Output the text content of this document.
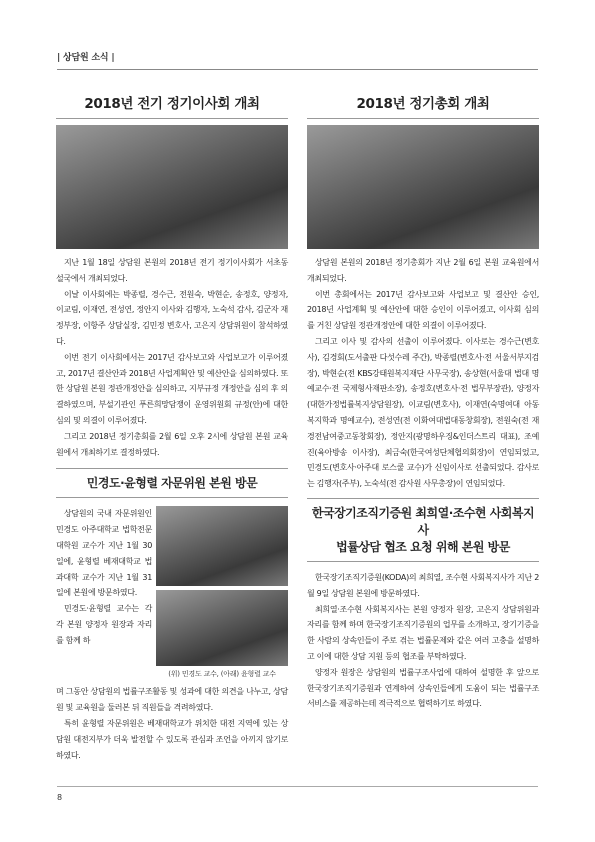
| 상담원 소식 |
2018년 전기 정기이사회 개최

지난 1월 18일 상담원 본원의 2018년 전기 정기이사회가 서초동 설국에서 개최되었다.

이날 이사회에는 박종렬, 경수근, 전원숙, 박현순, 송정호, 양정자, 이교림, 이재연, 전성연, 정안지 이사와 김행자, 노숙석 감사, 김군자 재정부장, 이항주 상담실장, 김민정 변호사, 고은지 상담위원이 참석하였다.

이번 전기 이사회에서는 2017년 감사보고와 사업보고가 이루어졌고, 2017년 결산안과 2018년 사업계획안 및 예산안을 심의하였다. 또한 상담원 본원 정관개정안을 심의하고, 지부규정 개정안을 심의 후 의결하였으며, 부설기관인 푸른희망담쟁이 운영위원회 규정(안)에 대한 심의 및 의결이 이루어졌다.

그리고 2018년 정기총회를 2월 6일 오후 2시에 상담원 본원 교육원에서 개최하기로 결정하였다.

민경도·윤형렬 자문위원 본원 방문

상담원의 국내 자문위원인 민경도 아주대학교 법학전문대학원 교수가 지난 1월 30일에, 윤형렬 베재대학교 법과대학 교수가 지난 1월 31일에 본원에 방문하였다.

민경도·윤형렬 교수는 각각 본원 양정자 원장과 자리를 함께 하

(위) 민경도 교수, (아래) 윤형렬 교수

며 그동안 상담원의 법률구조활동 및 성과에 대한 의견을 나누고, 상담원 및 교육원을 둘러본 뒤 직원들을 격려하였다.

특히 윤형렬 자문위원은 베재대학교가 위치한 대전 지역에 있는 상담원 대전지부가 더욱 발전할 수 있도록 관심과 조언을 아끼지 않기로 하였다.

2018년 정기총회 개최

상담원 본원의 2018년 정기총회가 지난 2월 6일 본원 교육원에서 개최되었다.

이번 총회에서는 2017년 감사보고와 사업보고 및 결산안 승인, 2018년 사업계획 및 예산안에 대한 승인이 이루어졌고, 이사회 심의를 거친 상담원 정관개정안에 대한 의결이 이루어졌다.

그리고 이사 및 감사의 선출이 이루어졌다. 이사로는 경수근(변호사), 김경회(도서출판 다섯수레 주간), 박종렬(변호사·전 서울서부지검장), 박현순(전 KBS강태원복지재단 사무국장), 송상현(서울대 법대 명예교수·전 국제형사재판소장), 송정호(변호사·전 법무부장관), 양정자(대한가정법률복지상담원장), 이교림(변호사), 이재연(숙명여대 아동복지학과 명예교수), 전성연(전 이화여대법대동창회장), 전원숙(전 재경전남여중고동창회장), 정안지(광명하우징&인더스트리 대표), 조예진(육아방송 이사장), 최금숙(한국여성단체협의회장)이 연임되었고, 민경도(변호사·아주대 로스쿨 교수)가 신임이사로 선출되었다. 감사로는 김행자(주부), 노숙석(전 감사원 사무총장)이 연임되었다.

한국장기조직기증원 최희열·조수현 사회복지사
법률상담 협조 요청 위해 본원 방문

한국장기조직기증원(KODA)의 최희열, 조수현 사회복지사가 지난 2월 9일 상담원 본원에 방문하였다.

최희열·조수현 사회복지사는 본원 양정자 원장, 고은지 상담위원과 자리를 함께 하며 한국장기조직기증원의 업무를 소개하고, 장기기증을 한 사람의 상속인들이 주로 겪는 법률문제와 같은 여러 고충을 설명하고 이에 대한 상담 지원 등의 협조를 부탁하였다.

양정자 원장은 상담원의 법률구조사업에 대하여 설명한 후 앞으로 한국장기조직기증원과 연계하여 상속인들에게 도움이 되는 법률구조서비스를 제공하는데 적극적으로 협력하기로 하였다.

8
